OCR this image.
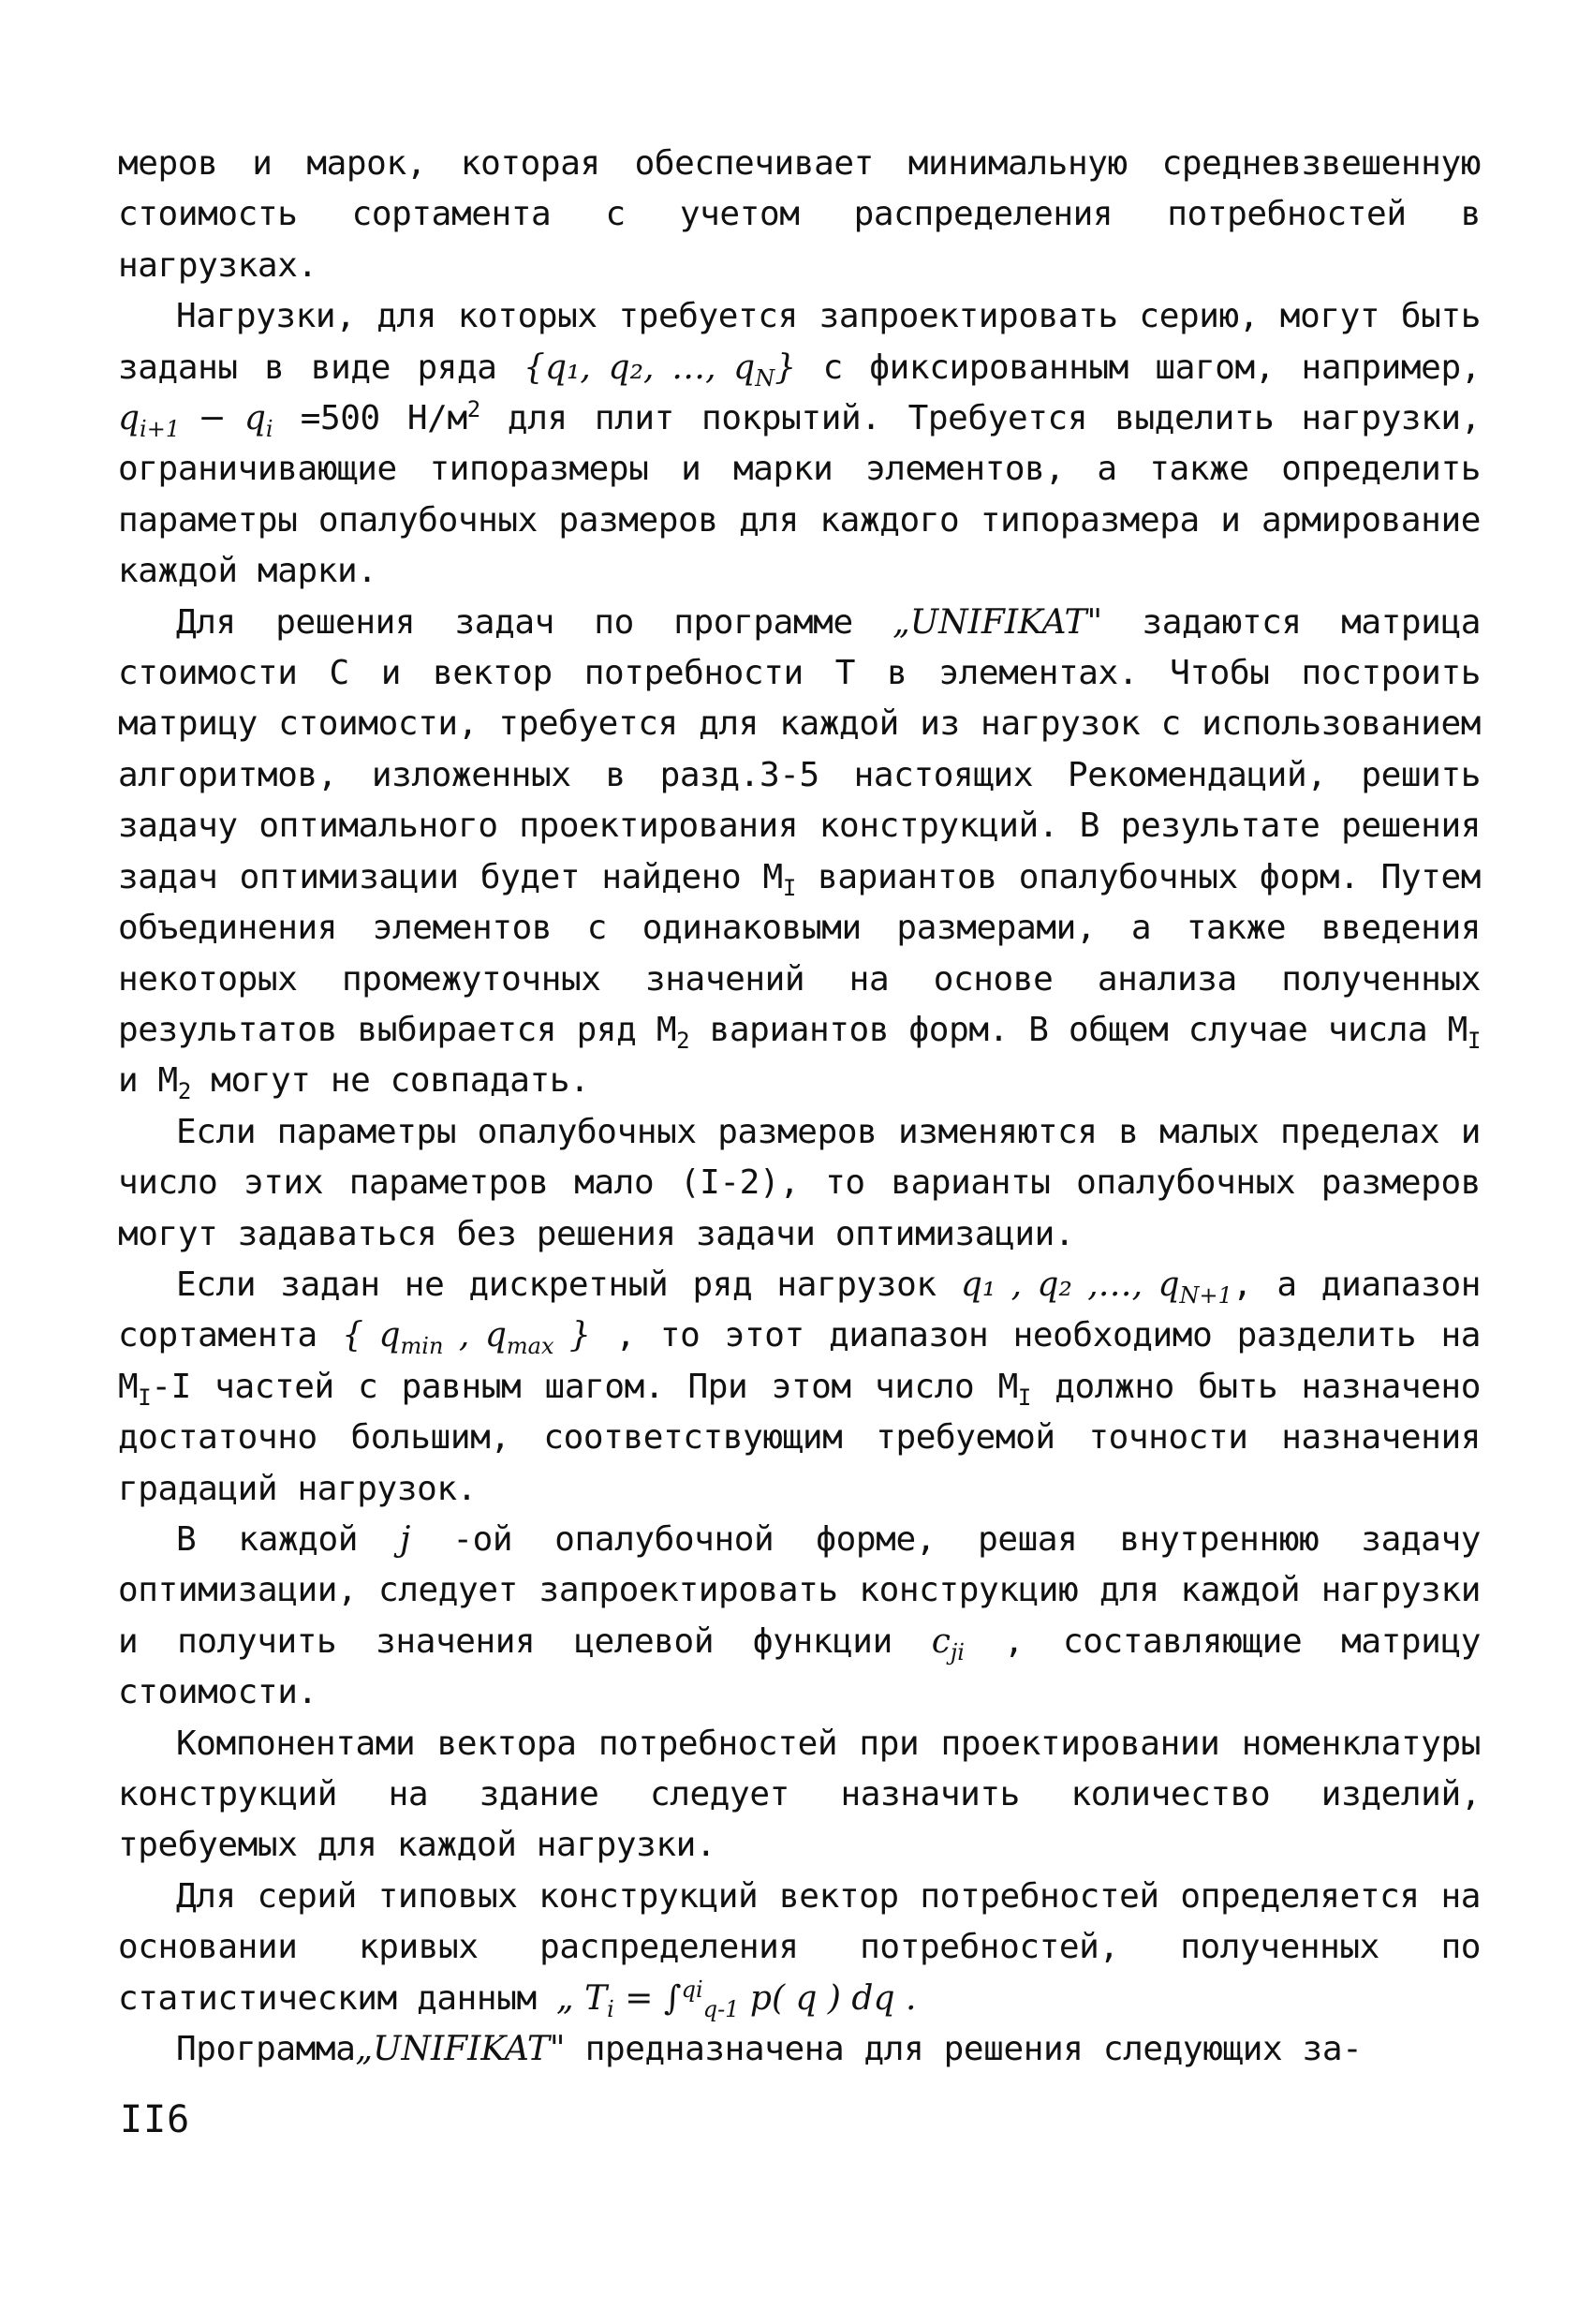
меров и марок, которая обеспечивает минимальную средневзвешенную стоимость сортамента с учетом распределения потребностей в нагрузках.

Нагрузки, для которых требуется запроектировать серию, могут быть заданы в виде ряда {q₁, q₂, …, $q_N$} с фиксированным шагом, например, $q_{i+1} - q_i =500$ $Н/м^2$ для плит покрытий. Требуется выделить нагрузки, ограничивающие типоразмеры и марки элементов, а также определить параметры опалубочных размеров для каждого типоразмера и армирование каждой марки.

Для решения задач по программе „UNIFIKAT" задаются матрица стоимости С и вектор потребности Т в элементах. Чтобы построить матрицу стоимости, требуется для каждой из нагрузок с использованием алгоритмов, изложенных в разд.3-5 настоящих Рекомендаций, решить задачу оптимального проектирования конструкций. В результате решения задач оптимизации будет найдено $М_I$ вариантов опалубочных форм. Путем объединения элементов с одинаковыми размерами, а также введения некоторых промежуточных значений на основе анализа полученных результатов выбирается ряд $М_2$ вариантов форм. В общем случае числа $М_I$ и $М_2$ могут не совпадать.

Если параметры опалубочных размеров изменяются в малых пределах и число этих параметров мало (I-2), то варианты опалубочных размеров могут задаваться без решения задачи оптимизации.

Если задан не дискретный ряд нагрузок q₁ , q₂ ,…, $q_{N+1}$, а диапазон сортамента { $q_{min}$ , $q_{max}$ } , то этот диапазон необходимо разделить на $М_I-I$ частей с равным шагом. При этом число $М_I$ должно быть назначено достаточно большим, соответствующим требуемой точности назначения градаций нагрузок.

В каждой j -ой опалубочной форме, решая внутреннюю задачу оптимизации, следует запроектировать конструкцию для каждой нагрузки и получить значения целевой функции $c_{ji}$ , составляющие матрицу стоимости.

Компонентами вектора потребностей при проектировании номенклатуры конструкций на здание следует назначить количество изделий, требуемых для каждой нагрузки.

Для серий типовых конструкций вектор потребностей определяется на основании кривых распределения потребностей, полученных по статистическим данным „ $T_i = \int^{qi}_{q-1}$ p( q ) dq .

Программа„UNIFIKAT" предназначена для решения следующих за-

II6
